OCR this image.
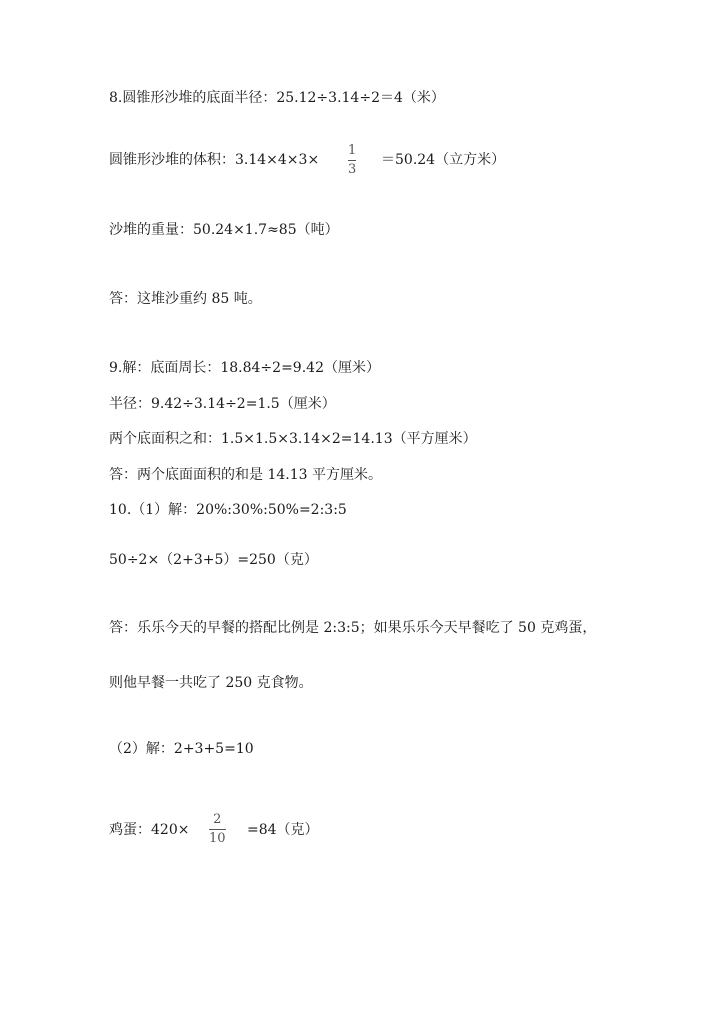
8.圆锥形沙堆的底面半径：25.12÷3.14÷2＝4（米）
圆锥形沙堆的体积：3.14×4×3×
1
3
＝50.24（立方米）
沙堆的重量：50.24×1.7≈85（吨）
答：这堆沙重约 85 吨。
9.解：底面周长：18.84÷2=9.42（厘米）
半径：9.42÷3.14÷2=1.5（厘米）
两个底面积之和：1.5×1.5×3.14×2=14.13（平方厘米）
答：两个底面面积的和是 14.13 平方厘米。
10.（1）解：20%:30%:50%=2:3:5
50÷2×（2+3+5）=250（克）
答：乐乐今天的早餐的搭配比例是 2:3:5；如果乐乐今天早餐吃了 50 克鸡蛋，
则他早餐一共吃了 250 克食物。
（2）解：2+3+5=10
鸡蛋：420×
2
10
=84（克）
